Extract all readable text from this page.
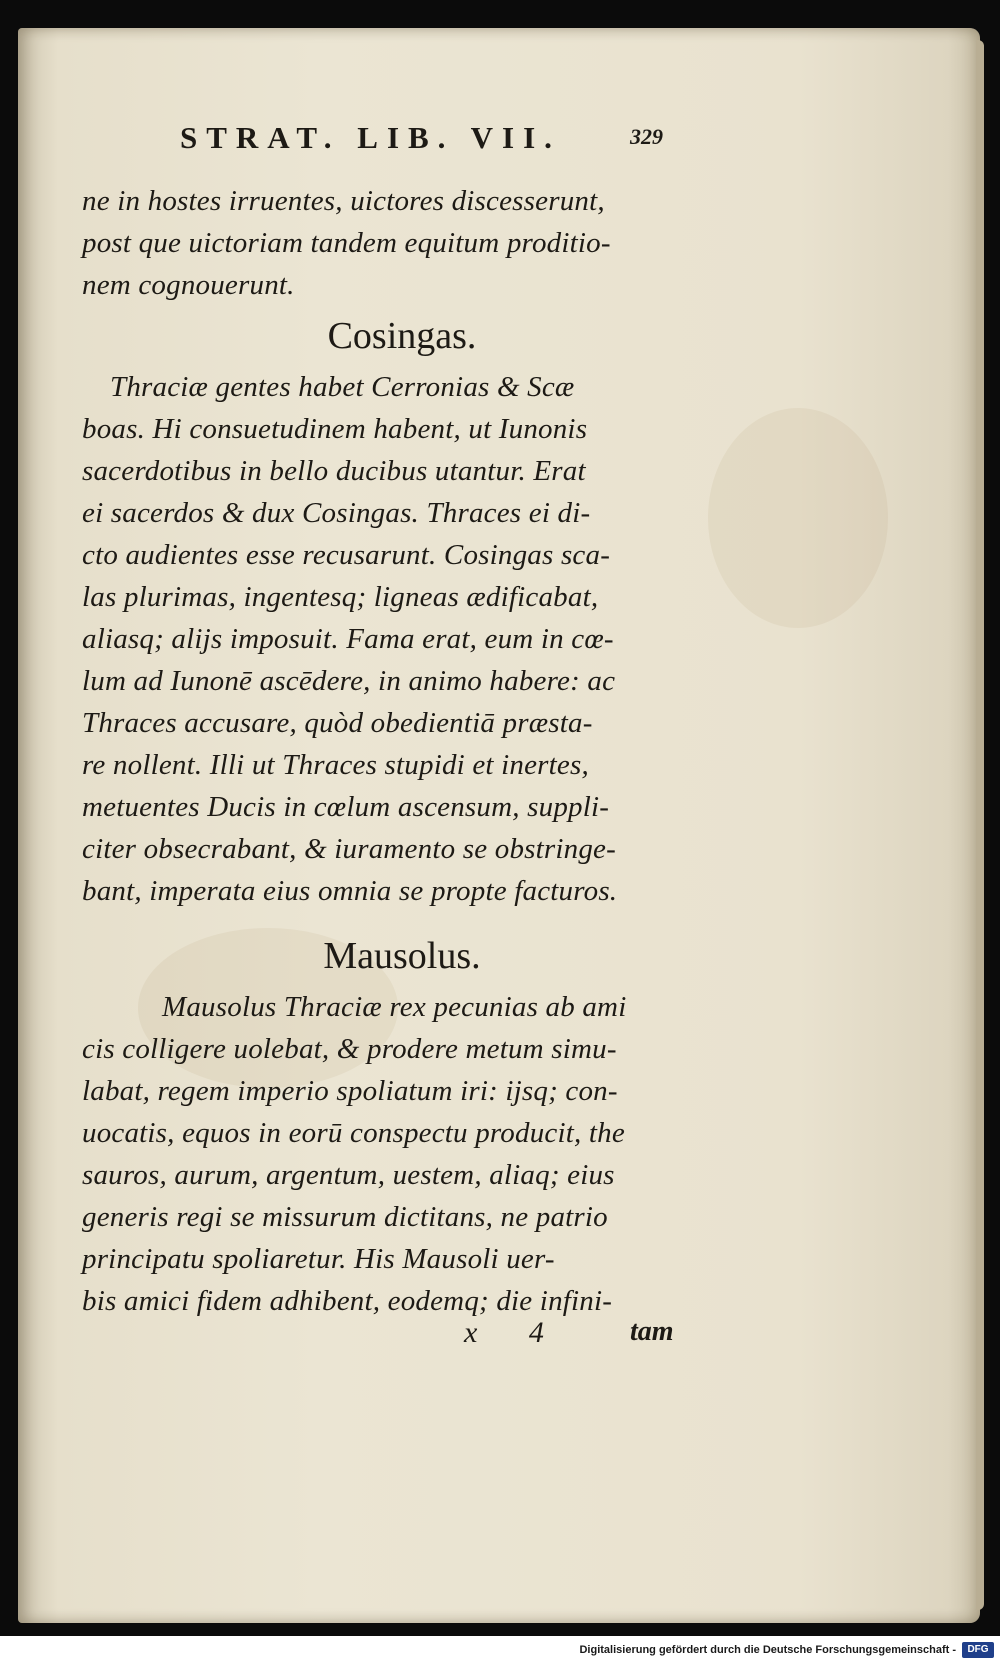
STRAT. LIB. VII.	329
ne in hostes irruentes, uictores discesserunt,
post que uictoriam tandem equitum proditio-
nem cognouerunt.
Cosingas.
Thraciæ gentes habet Cerronias & Scæ
boas. Hi consuetudinem habent, ut Iunonis
sacerdotibus in bello ducibus utantur. Erat
ei sacerdos & dux Cosingas. Thraces ei di-
cto audientes esse recusarunt. Cosingas sca-
las plurimas, ingentesq; ligneas ædificabat,
aliasq; alijs imposuit. Fama erat, eum in cœ-
lum ad Iunonē ascēdere, in animo habere: ac
Thraces accusare, quòd obedientiā præsta-
re nollent. Illi ut Thraces stupidi et inertes,
metuentes Ducis in cœlum ascensum, suppli-
citer obsecrabant, & iuramento se obstringe-
bant, imperata eius omnia se propte facturos.
Mausolus.
Mausolus Thraciæ rex pecunias ab ami
cis colligere uolebat, & prodere metum simu-
labat, regem imperio spoliatum iri: ijsq; con-
uocatis, equos in eorū conspectu producit, the
sauros, aurum, argentum, uestem, aliaq; eius
generis regi se missurum dictitans, ne patrio
principatu spoliaretur. His Mausoli uer-
bis amici fidem adhibent, eodemq; die infini-
x 4 tam
Digitalisierung gefördert durch die Deutsche Forschungsgemeinschaft -	DFG
